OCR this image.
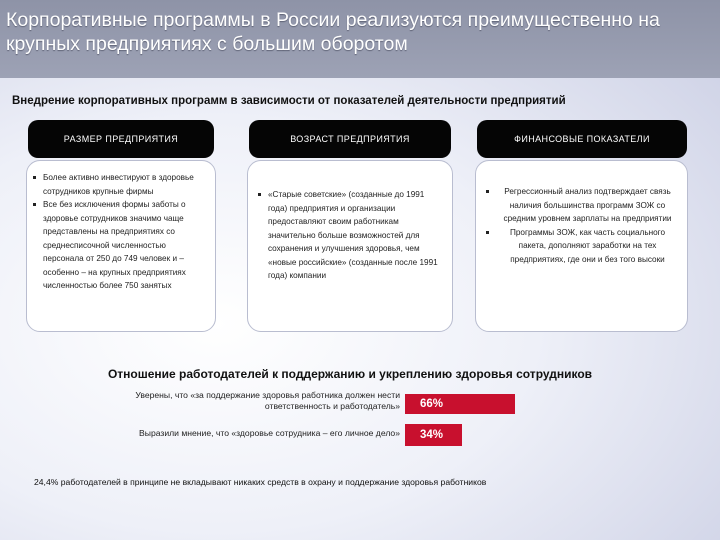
Корпоративные программы в России реализуются преимущественно на крупных предприятиях с большим оборотом
Внедрение корпоративных программ в зависимости от показателей деятельности предприятий
РАЗМЕР ПРЕДПРИЯТИЯ
Более активно инвестируют в здоровье сотрудников крупные фирмы
Все без исключения формы заботы о здоровье сотрудников значимо чаще представлены на предприятиях со среднесписочной численностью персонала от 250 до 749 человек и – особенно – на крупных предприятиях численностью более 750 занятых
ВОЗРАСТ ПРЕДПРИЯТИЯ
«Старые советские» (созданные до 1991 года) предприятия и организации предоставляют своим работникам значительно больше возможностей для сохранения и улучшения здоровья, чем «новые российские» (созданные после 1991 года) компании
ФИНАНСОВЫЕ ПОКАЗАТЕЛИ
Регрессионный анализ подтверждает связь наличия большинства программ ЗОЖ со средним уровнем зарплаты на предприятии
Программы ЗОЖ, как часть социального пакета, дополняют заработки на тех предприятиях, где они и без того высоки
Отношение работодателей к поддержанию и укреплению здоровья сотрудников
Уверены, что «за поддержание здоровья работника должен нести ответственность и работодатель» 66%
Выразили мнение, что «здоровье сотрудника – его личное дело» 34%
24,4% работодателей в принципе не вкладывают никаких средств в охрану и поддержание здоровья работников
